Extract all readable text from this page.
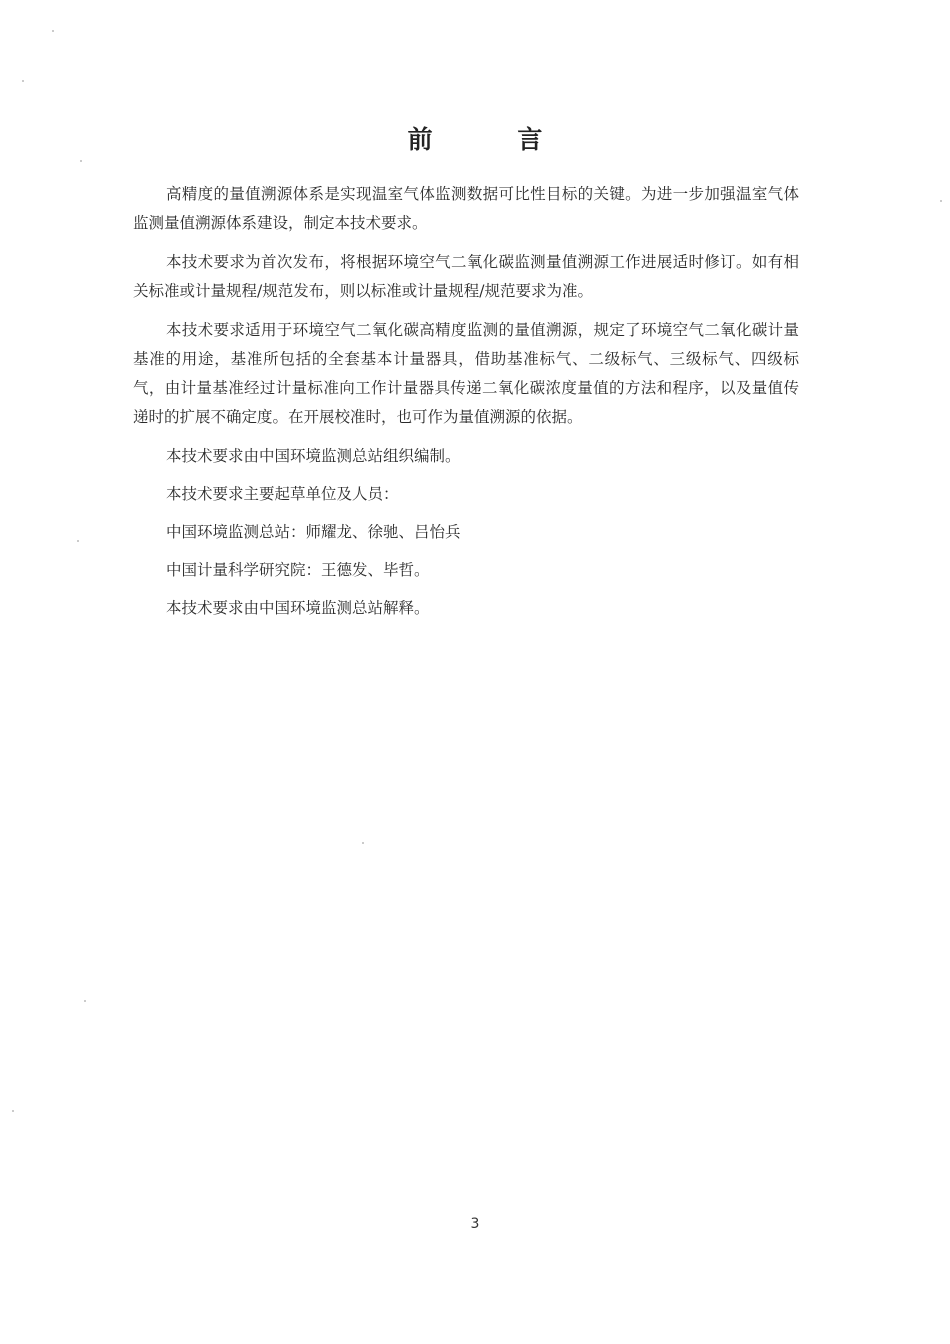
前 言

高精度的量值溯源体系是实现温室气体监测数据可比性目标的关键。为进一步加强温室气体监测量值溯源体系建设，制定本技术要求。

本技术要求为首次发布，将根据环境空气二氧化碳监测量值溯源工作进展适时修订。如有相关标准或计量规程/规范发布，则以标准或计量规程/规范要求为准。

本技术要求适用于环境空气二氧化碳高精度监测的量值溯源，规定了环境空气二氧化碳计量基准的用途，基准所包括的全套基本计量器具，借助基准标气、二级标气、三级标气、四级标气，由计量基准经过计量标准向工作计量器具传递二氧化碳浓度量值的方法和程序，以及量值传递时的扩展不确定度。在开展校准时，也可作为量值溯源的依据。

本技术要求由中国环境监测总站组织编制。

本技术要求主要起草单位及人员：

中国环境监测总站：师耀龙、徐驰、吕怡兵

中国计量科学研究院：王德发、毕哲。

本技术要求由中国环境监测总站解释。

3
